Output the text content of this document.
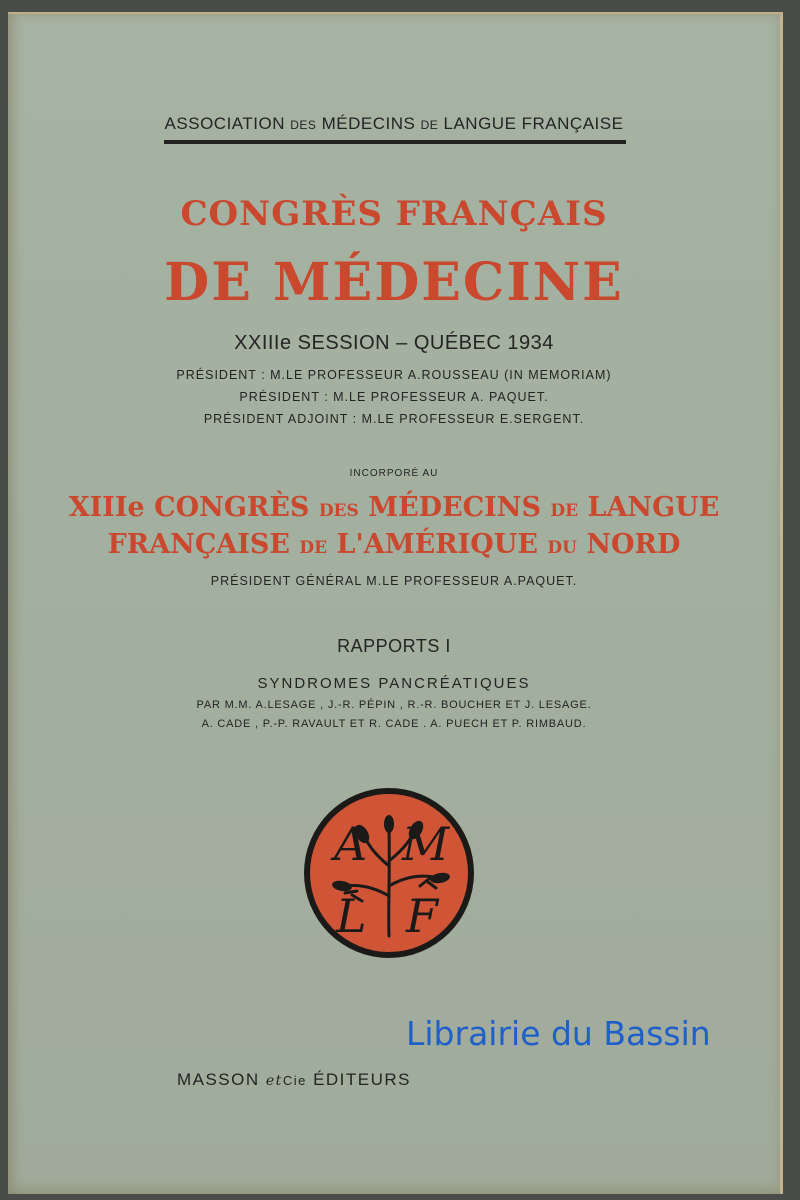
ASSOCIATION DES MÉDECINS DE LANGUE FRANÇAISE
CONGRÈS FRANÇAIS
DE MÉDECINE
XXIIIe SESSION – QUÉBEC 1934
PRÉSIDENT : M.LE PROFESSEUR A.ROUSSEAU (IN MEMORIAM)
PRÉSIDENT : M.LE PROFESSEUR A. PAQUET.
PRÉSIDENT ADJOINT : M.LE PROFESSEUR E.SERGENT.
INCORPORÉ AU
XIIIe CONGRÈS DES MÉDECINS DE LANGUE
FRANÇAISE DE L'AMÉRIQUE DU NORD
PRÉSIDENT GÉNÉRAL M.LE PROFESSEUR A.PAQUET.
RAPPORTS I
SYNDROMES PANCRÉATIQUES
PAR M.M. A.LESAGE , J.-R. PÉPIN , R.-R. BOUCHER ET J. LESAGE.
A. CADE , P.-P. RAVAULT ET R. CADE . A. PUECH ET P. RIMBAUD.
A M
L F
Librairie du Bassin
MASSON etCie ÉDITEURS
